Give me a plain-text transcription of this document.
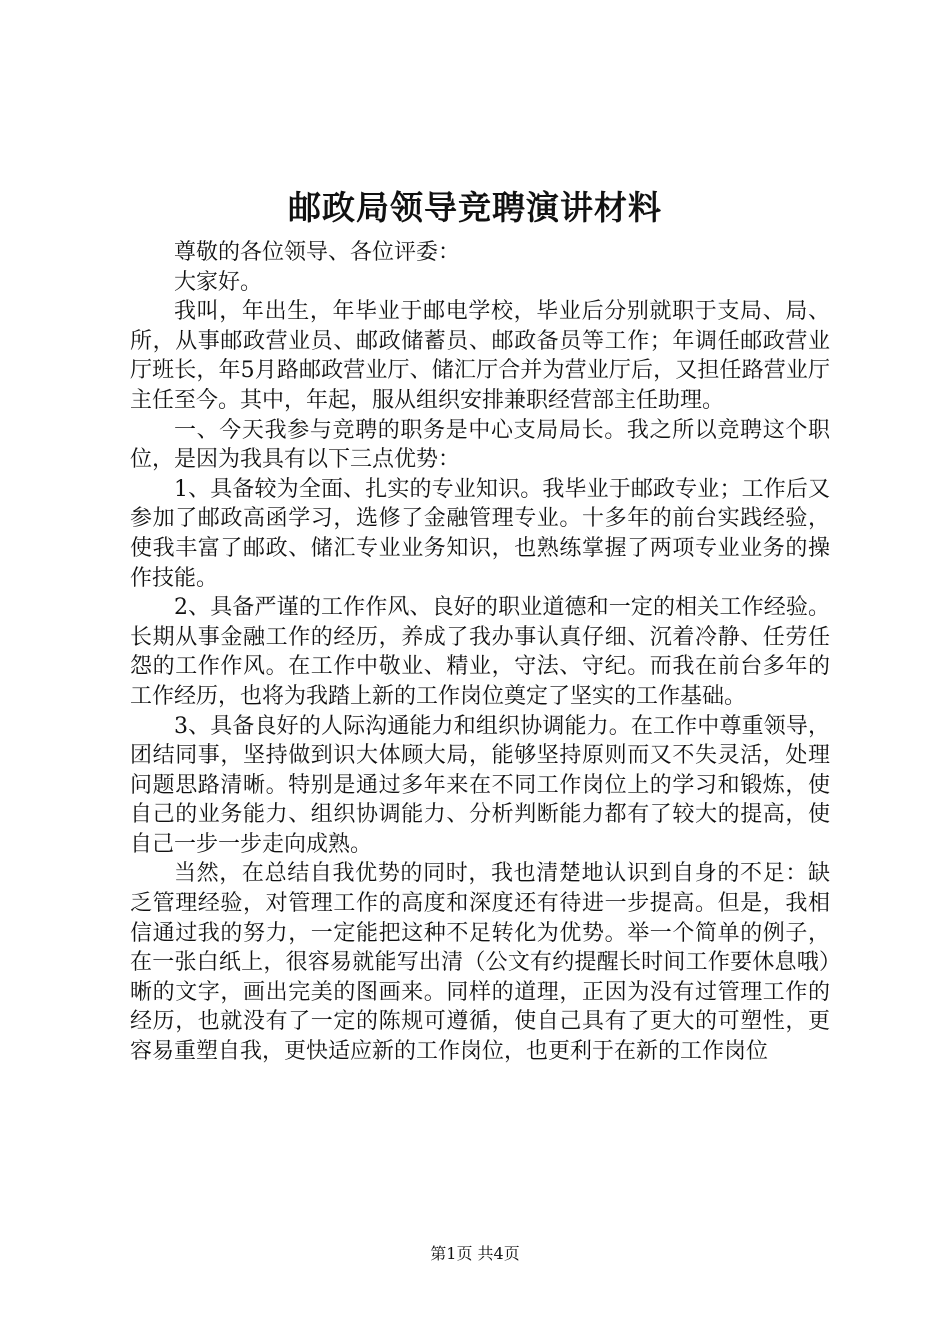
邮政局领导竞聘演讲材料

尊敬的各位领导、各位评委：

大家好。

我叫，年出生，年毕业于邮电学校，毕业后分别就职于支局、局、所，从事邮政营业员、邮政储蓄员、邮政备员等工作；年调任邮政营业厅班长，年5月路邮政营业厅、储汇厅合并为营业厅后，又担任路营业厅主任至今。其中，年起，服从组织安排兼职经营部主任助理。

一、今天我参与竞聘的职务是中心支局局长。我之所以竞聘这个职位，是因为我具有以下三点优势：

1、具备较为全面、扎实的专业知识。我毕业于邮政专业；工作后又参加了邮政高函学习，选修了金融管理专业。十多年的前台实践经验，使我丰富了邮政、储汇专业业务知识，也熟练掌握了两项专业业务的操作技能。

2、具备严谨的工作作风、良好的职业道德和一定的相关工作经验。长期从事金融工作的经历，养成了我办事认真仔细、沉着冷静、任劳任怨的工作作风。在工作中敬业、精业，守法、守纪。而我在前台多年的工作经历，也将为我踏上新的工作岗位奠定了坚实的工作基础。

3、具备良好的人际沟通能力和组织协调能力。在工作中尊重领导，团结同事，坚持做到识大体顾大局，能够坚持原则而又不失灵活，处理问题思路清晰。特别是通过多年来在不同工作岗位上的学习和锻炼，使自己的业务能力、组织协调能力、分析判断能力都有了较大的提高，使自己一步一步走向成熟。

当然，在总结自我优势的同时，我也清楚地认识到自身的不足：缺乏管理经验，对管理工作的高度和深度还有待进一步提高。但是，我相信通过我的努力，一定能把这种不足转化为优势。举一个简单的例子，在一张白纸上，很容易就能写出清（公文有约提醒长时间工作要休息哦）晰的文字，画出完美的图画来。同样的道理，正因为没有过管理工作的经历，也就没有了一定的陈规可遵循，使自己具有了更大的可塑性，更容易重塑自我，更快适应新的工作岗位，也更利于在新的工作岗位

第1页 共4页
